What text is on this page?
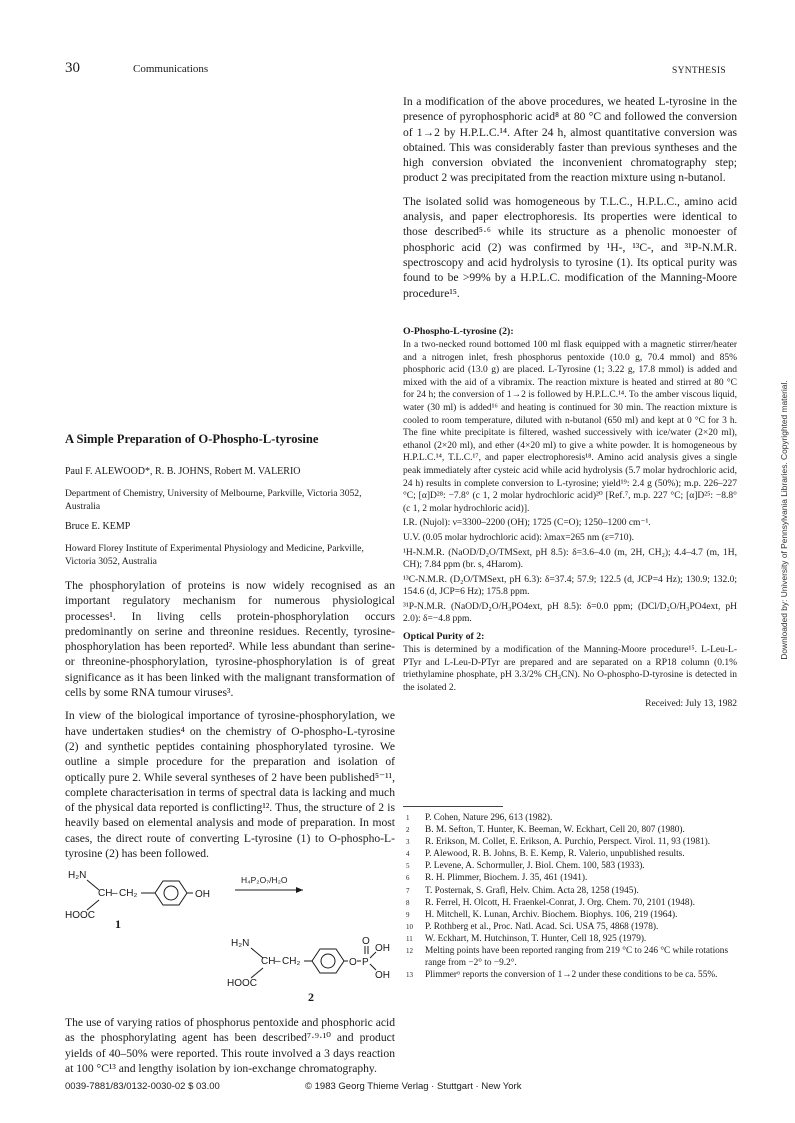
30	Communications	SYNTHESIS

In a modification of the above procedures, we heated L-tyrosine in the presence of pyrophosphoric acid⁸ at 80 °C and followed the conversion of 1→2 by H.P.L.C.¹⁴. After 24 h, almost quantitative conversion was obtained. This was considerably faster than previous syntheses and the high conversion obviated the inconvenient chromatography step; product 2 was precipitated from the reaction mixture using n-butanol.

The isolated solid was homogeneous by T.L.C., H.P.L.C., amino acid analysis, and paper electrophoresis. Its properties were identical to those described⁵·⁶ while its structure as a phenolic monoester of phosphoric acid (2) was confirmed by ¹H-, ¹³C-, and ³¹P-N.M.R. spectroscopy and acid hydrolysis to tyrosine (1). Its optical purity was found to be >99% by a H.P.L.C. modification of the Manning-Moore procedure¹⁵.

O-Phospho-L-tyrosine (2):

In a two-necked round bottomed 100 ml flask equipped with a magnetic stirrer/heater and a nitrogen inlet, fresh phosphorus pentoxide (10.0 g, 70.4 mmol) and 85% phosphoric acid (13.0 g) are placed. L-Tyrosine (1; 3.22 g, 17.8 mmol) is added and mixed with the aid of a vibramix. The reaction mixture is heated and stirred at 80 °C for 24 h; the conversion of 1→2 is followed by H.P.L.C.¹⁴. To the amber viscous liquid, water (30 ml) is added¹⁶ and heating is continued for 30 min. The reaction mixture is cooled to room temperature, diluted with n-butanol (650 ml) and kept at 0 °C for 3 h. The fine white precipitate is filtered, washed successively with ice/water (2×20 ml), ethanol (2×20 ml), and ether (4×20 ml) to give a white powder. It is homogeneous by H.P.L.C.¹⁴, T.L.C.¹⁷, and paper electrophoresis¹⁸. Amino acid analysis gives a single peak immediately after cysteic acid while acid hydrolysis (5.7 molar hydrochloric acid, 24 h) results in complete conversion to L-tyrosine; yield¹⁹: 2.4 g (50%); m.p. 226–227 °C; [α]D²⁸: −7.8° (c 1, 2 molar hydrochloric acid)²⁰ [Ref.⁷, m.p. 227 °C; [α]D²⁵: −8.8° (c 1, 2 molar hydrochloric acid)].

I.R. (Nujol): ν=3300–2200 (OH); 1725 (C=O); 1250–1200 cm⁻¹.

U.V. (0.05 molar hydrochloric acid): λmax=265 nm (ε=710).

¹H-N.M.R. (NaOD/D₂O/TMSext, pH 8.5): δ=3.6–4.0 (m, 2H, CH₂); 4.4–4.7 (m, 1H, CH); 7.84 ppm (br. s, 4Harom).

¹³C-N.M.R. (D₂O/TMSext, pH 6.3): δ=37.4; 57.9; 122.5 (d, JCP=4 Hz); 130.9; 132.0; 154.6 (d, JCP=6 Hz); 175.8 ppm.

³¹P-N.M.R. (NaOD/D₂O/H₃PO4ext, pH 8.5): δ=0.0 ppm; (DCl/D₂O/H₃PO4ext, pH 2.0): δ=−4.8 ppm.

Optical Purity of 2:

This is determined by a modification of the Manning-Moore procedure¹⁵. L-Leu-L-PTyr and L-Leu-D-PTyr are prepared and are separated on a RP18 column (0.1% triethylamine phosphate, pH 3.3/2% CH₃CN). No O-phospho-D-tyrosine is detected in the isolated 2.

Received: July 13, 1982

A Simple Preparation of O-Phospho-L-tyrosine
Paul F. ALEWOOD*, R. B. JOHNS, Robert M. VALERIO
Department of Chemistry, University of Melbourne, Parkville, Victoria 3052, Australia
Bruce E. KEMP
Howard Florey Institute of Experimental Physiology and Medicine, Parkville, Victoria 3052, Australia

The phosphorylation of proteins is now widely recognised as an important regulatory mechanism for numerous physiological processes¹. In living cells protein-phosphorylation occurs predominantly on serine and threonine residues. Recently, tyrosine-phosphorylation has been reported². While less abundant than serine- or threonine-phosphorylation, tyrosine-phosphorylation is of great significance as it has been linked with the malignant transformation of cells by some RNA tumour viruses³.

In view of the biological importance of tyrosine-phosphorylation, we have undertaken studies⁴ on the chemistry of O-phospho-L-tyrosine (2) and synthetic peptides containing phosphorylated tyrosine. We outline a simple procedure for the preparation and isolation of optically pure 2. While several syntheses of 2 have been published⁵⁻¹¹, complete characterisation in terms of spectral data is lacking and much of the physical data reported is conflicting¹². Thus, the structure of 2 is heavily based on elemental analysis and mode of preparation. In most cases, the direct route of converting L-tyrosine (1) to O-phospho-L-tyrosine (2) has been followed.

H₂N
CH – CH₂	OH
HOOC
1
H₄P₂O₇/H₂O
H₂N
CH – CH₂	O P
O
OH
OH
HOOC
2

The use of varying ratios of phosphorus pentoxide and phosphoric acid as the phosphorylating agent has been described⁷·⁹·¹⁰ and product yields of 40–50% were reported. This route involved a 3 days reaction at 100 °C¹³ and lengthy isolation by ion-exchange chromatography.

1 P. Cohen, Nature 296, 613 (1982).
2 B. M. Sefton, T. Hunter, K. Beeman, W. Eckhart, Cell 20, 807 (1980).
3 R. Erikson, M. Collet, E. Erikson, A. Purchio, Perspect. Virol. 11, 93 (1981).
4 P. Alewood, R. B. Johns, B. E. Kemp, R. Valerio, unpublished results.
5 P. Levene, A. Schormuller, J. Biol. Chem. 100, 583 (1933).
6 R. H. Plimmer, Biochem. J. 35, 461 (1941).
7 T. Posternak, S. Grafl, Helv. Chim. Acta 28, 1258 (1945).
8 R. Ferrel, H. Olcott, H. Fraenkel-Conrat, J. Org. Chem. 70, 2101 (1948).
9 H. Mitchell, K. Lunan, Archiv. Biochem. Biophys. 106, 219 (1964).
10 P. Rothberg et al., Proc. Natl. Acad. Sci. USA 75, 4868 (1978).
11 W. Eckhart, M. Hutchinson, T. Hunter, Cell 18, 925 (1979).
12 Melting points have been reported ranging from 219 °C to 246 °C while rotations range from −2° to −9.2°.
13 Plimmer⁶ reports the conversion of 1→2 under these conditions to be ca. 55%.
0039-7881/83/0132-0030-02 $ 03.00	© 1983 Georg Thieme Verlag · Stuttgart · New York
Downloaded by: University of Pennsylvania Libraries. Copyrighted material.
